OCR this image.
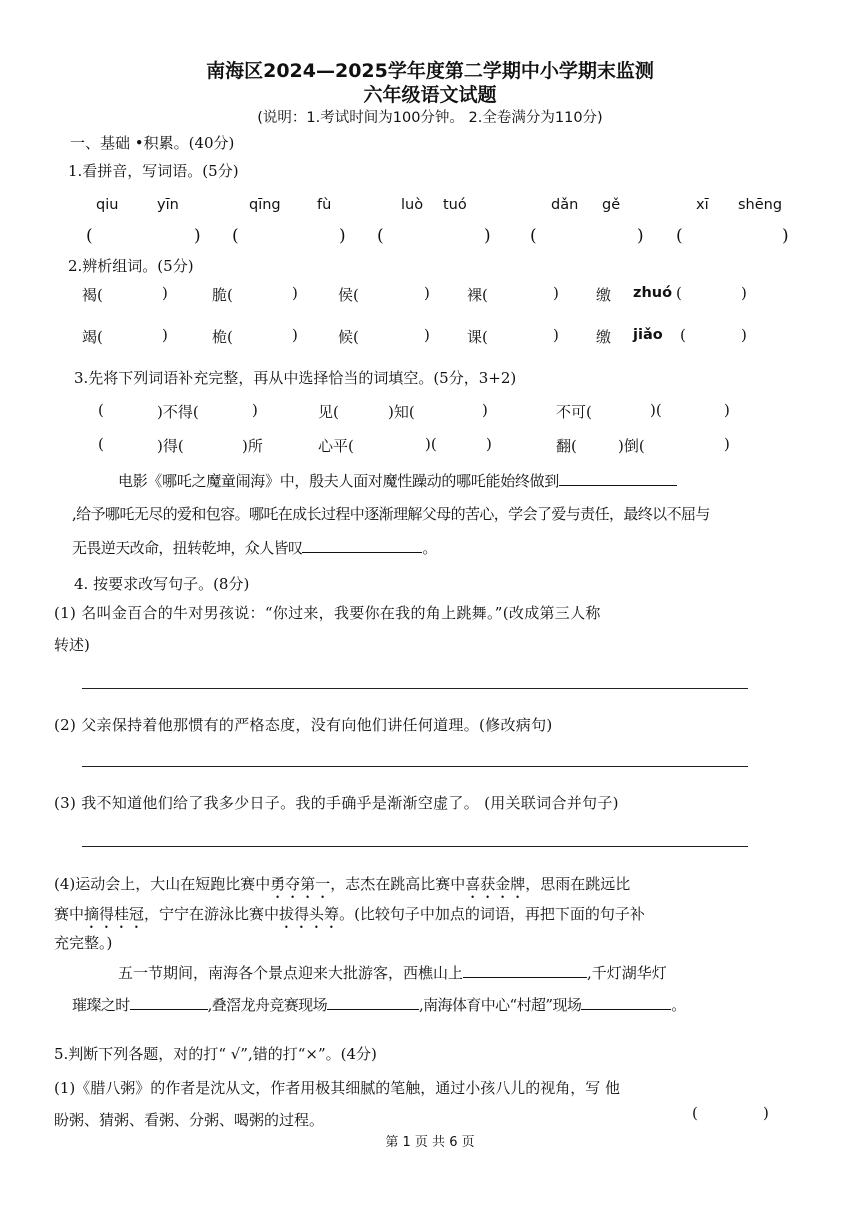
南海区2024—2025学年度第二学期中小学期末监测
六年级语文试题
(说明：1.考试时间为100分钟。 2.全卷满分为110分)
一、基础 •积累。(40分)
1.看拼音，写词语。(5分)
qiu	yīn	qīng	fù	luò tuó	dǎn gě	xī shēng
(	) (	) (	) (	) (	)
2.辨析组词。(5分)
褐(	)	脆(	)	侯(	) 裸(	) 缴 zhuó (	)
竭(	)	桅(	)	候(	) 课(	) 缴 jiǎo (	)
3.先将下列词语补充完整，再从中选择恰当的词填空。(5分，3+2)
(	)不得(	)	见(	)知(	)	不可(	)(	)
(	)得(	)所	心平(	)(	)	翻(	)倒(	)
电影《哪吒之魔童闹海》中，殷夫人面对魔性躁动的哪吒能始终做到
,给予哪吒无尽的爱和包容。哪吒在成长过程中逐渐理解父母的苦心，学会了爱与责任，最终以不屈与
无畏逆天改命，扭转乾坤，众人皆叹	。
4. 按要求改写句子。(8分)
(1) 名叫金百合的牛对男孩说：“你过来，我要你在我的角上跳舞。”(改成第三人称
转述)
(2) 父亲保持着他那惯有的严格态度，没有向他们讲任何道理。(修改病句)
(3) 我不知道他们给了我多少日子。我的手确乎是渐渐空虚了。 (用关联词合并句子)
(4)运动会上，大山在短跑比赛中勇夺第一，志杰在跳高比赛中喜获金牌，思雨在跳远比
赛中摘得桂冠，宁宁在游泳比赛中拔得头筹。(比较句子中加点的词语，再把下面的句子补
充完整。)
五一节期间，南海各个景点迎来大批游客，西樵山上	,千灯湖华灯
璀璨之时	,叠滘龙舟竞赛现场	,南海体育中心“村超”现场	。
5.判断下列各题，对的打“ √”,错的打“×”。(4分)
(1)《腊八粥》的作者是沈从文，作者用极其细腻的笔触，通过小孩八儿的视角，写 他
盼粥、猜粥、看粥、分粥、喝粥的过程。	(	)
第 1 页 共 6 页
